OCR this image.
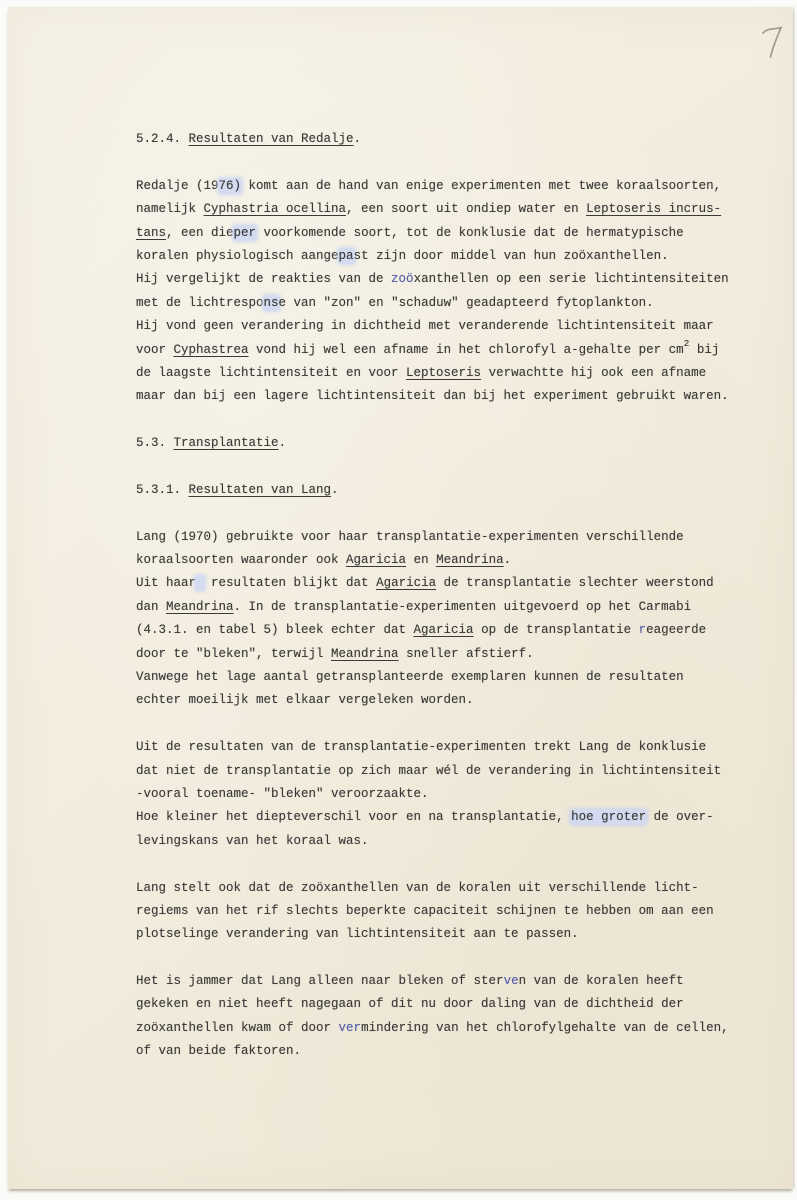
5.2.4. Resultaten van Redalje.
Redalje (1976) komt aan de hand van enige experimenten met twee koraalsoorten,
namelijk Cyphastria ocellina, een soort uit ondiep water en Leptoseris incrus-
tans, een dieper voorkomende soort, tot de konklusie dat de hermatypische
koralen physiologisch aangepast zijn door middel van hun zoöxanthellen.
Hij vergelijkt de reakties van de zoöxanthellen op een serie lichtintensiteiten
met de lichtresponse van "zon" en "schaduw" geadapteerd fytoplankton.
Hij vond geen verandering in dichtheid met veranderende lichtintensiteit maar
voor Cyphastrea vond hij wel een afname in het chlorofyl a-gehalte per $cm^2$ bij
de laagste lichtintensiteit en voor Leptoseris verwachtte hij ook een afname
maar dan bij een lagere lichtintensiteit dan bij het experiment gebruikt waren.
5.3. Transplantatie.
5.3.1. Resultaten van Lang.
Lang (1970) gebruikte voor haar transplantatie-experimenten verschillende
koraalsoorten waaronder ook Agaricia en Meandrina.
Uit haar  resultaten blijkt dat Agaricia de transplantatie slechter weerstond
dan Meandrina. In de transplantatie-experimenten uitgevoerd op het Carmabi
(4.3.1. en tabel 5) bleek echter dat Agaricia op de transplantatie reageerde
door te "bleken", terwijl Meandrina sneller afstierf.
Vanwege het lage aantal getransplanteerde exemplaren kunnen de resultaten
echter moeilijk met elkaar vergeleken worden.
Uit de resultaten van de transplantatie-experimenten trekt Lang de konklusie
dat niet de transplantatie op zich maar wél de verandering in lichtintensiteit
-vooral toename- "bleken" veroorzaakte.
Hoe kleiner het diepteverschil voor en na transplantatie, hoe groter de over-
levingskans van het koraal was.
Lang stelt ook dat de zoöxanthellen van de koralen uit verschillende licht-
regiems van het rif slechts beperkte capaciteit schijnen te hebben om aan een
plotselinge verandering van lichtintensiteit aan te passen.
Het is jammer dat Lang alleen naar bleken of sterven van de koralen heeft
gekeken en niet heeft nagegaan of dit nu door daling van de dichtheid der
zoöxanthellen kwam of door vermindering van het chlorofylgehalte van de cellen,
of van beide faktoren.
